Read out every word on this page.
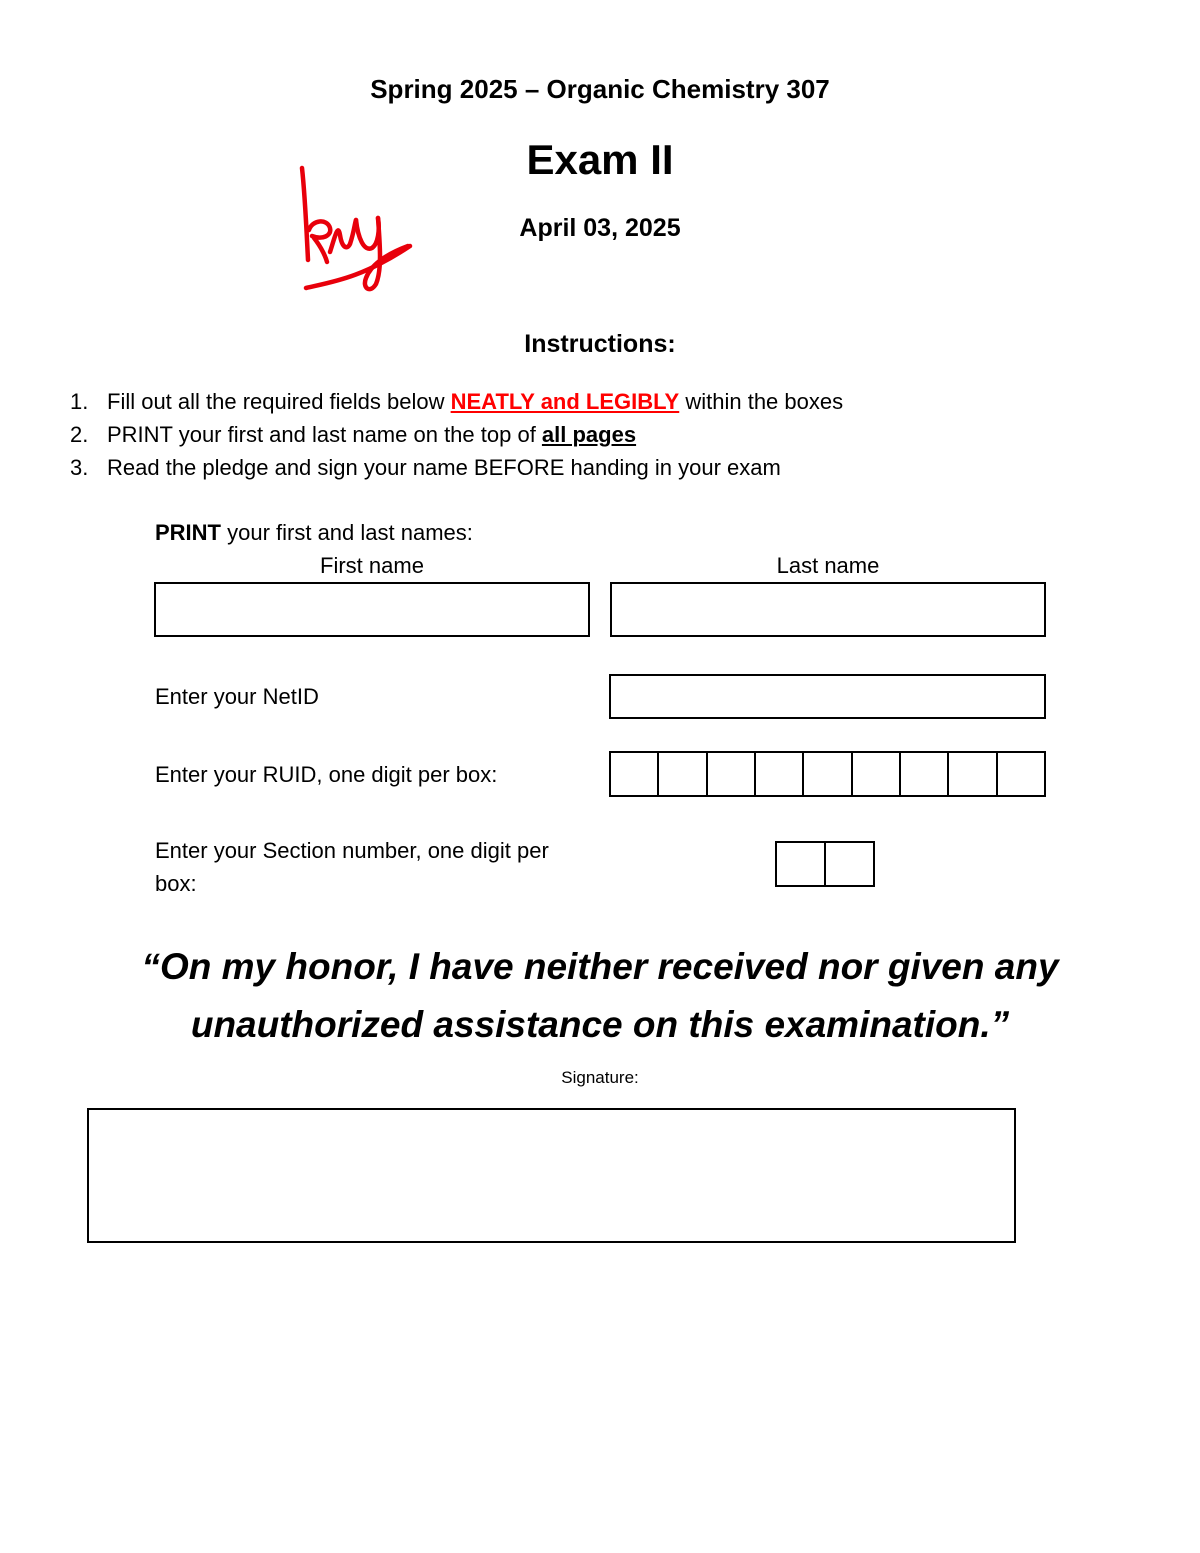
Spring 2025 – Organic Chemistry 307
Exam II
April 03, 2025
Instructions:
1. Fill out all the required fields below NEATLY and LEGIBLY within the boxes
2. PRINT your first and last name on the top of all pages
3. Read the pledge and sign your name BEFORE handing in your exam
PRINT your first and last names:
First name	Last name
Enter your NetID
Enter your RUID, one digit per box:
Enter your Section number, one digit per box:
“On my honor, I have neither received nor given any
unauthorized assistance on this examination.”
Signature:
